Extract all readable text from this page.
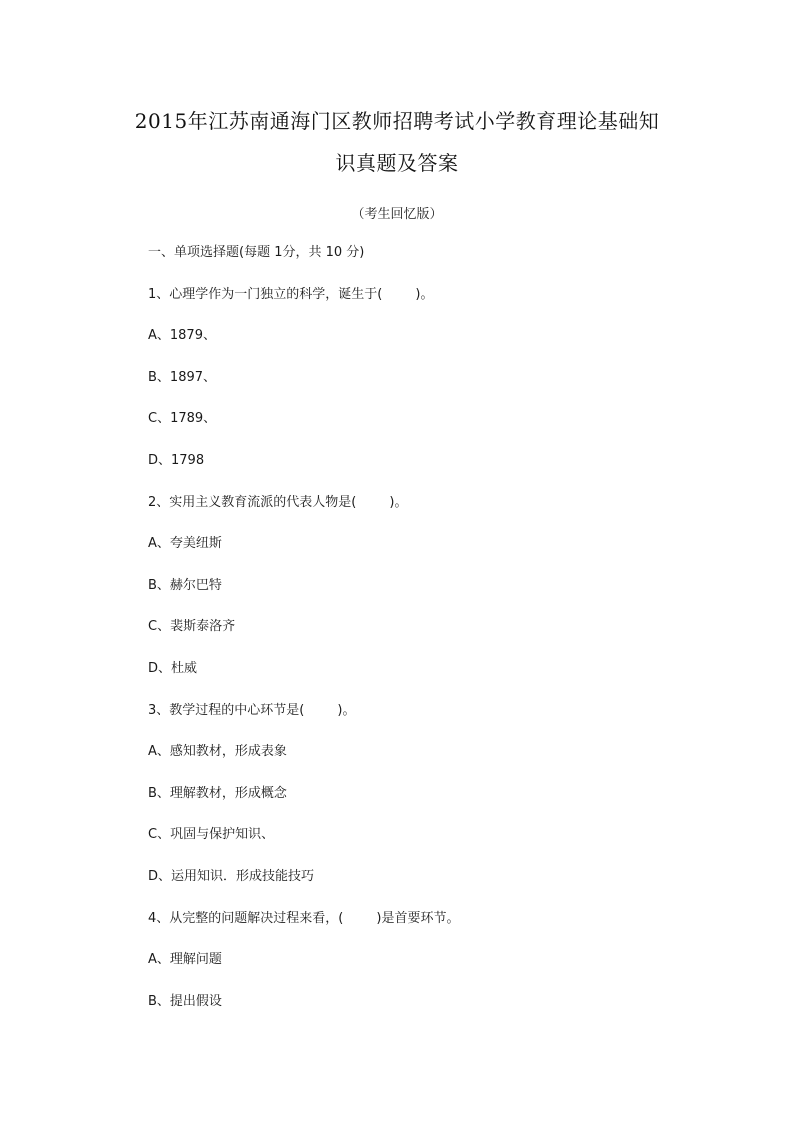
2015年江苏南通海门区教师招聘考试小学教育理论基础知
识真题及答案
（考生回忆版）
一、单项选择题(每题 1分，共 10 分)
1、心理学作为一门独立的科学，诞生于(        )。
A、1879、
B、1897、
C、1789、
D、1798
2、实用主义教育流派的代表人物是(        )。
A、夸美纽斯
B、赫尔巴特
C、裴斯泰洛齐
D、杜威
3、教学过程的中心环节是(        )。
A、感知教材，形成表象
B、理解教材，形成概念
C、巩固与保护知识、
D、运用知识．形成技能技巧
4、从完整的问题解决过程来看，(        )是首要环节。
A、理解问题
B、提出假设
